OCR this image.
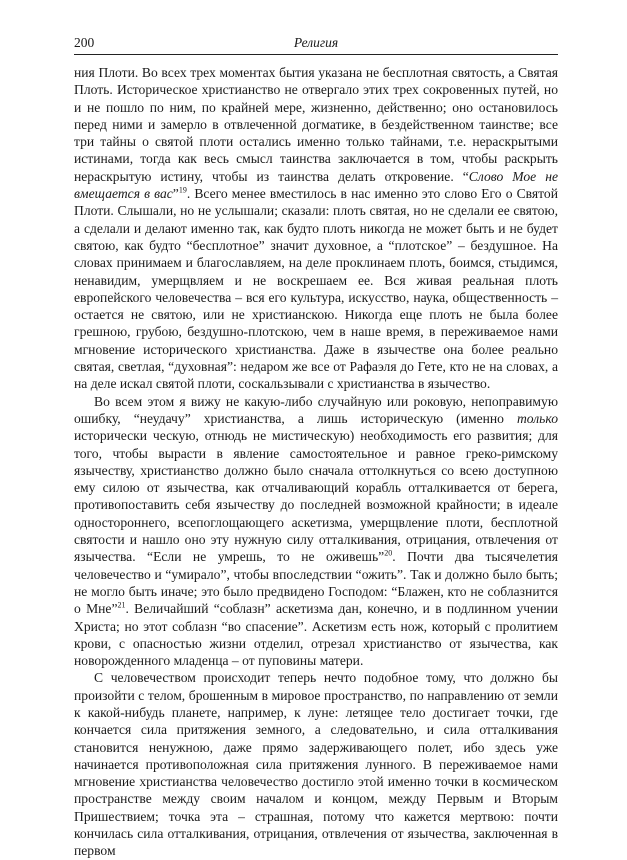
200	Религия

ния Плоти. Во всех трех моментах бытия указана не бесплотная святость, а Святая Плоть. Историческое христианство не отвергало этих трех сокровенных путей, но и не пошло по ним, по крайней мере, жизненно, действенно; оно остановилось перед ними и замерло в отвлеченной догматике, в бездейственном таинстве; все три тайны о святой плоти остались именно только тайнами, т.е. нераскрытыми истинами, тогда как весь смысл таинства заключается в том, чтобы раскрыть нераскрытую истину, чтобы из таинства делать откровение. “Слово Мое не вмещается в вас”$^{19}$. Всего менее вместилось в нас именно это слово Его о Святой Плоти. Слышали, но не услышали; сказали: плоть святая, но не сделали ее святою, а сделали и делают именно так, как будто плоть никогда не может быть и не будет святою, как будто “бесплотное” значит духовное, а “плотское” – бездушное. На словах принимаем и благославляем, на деле проклинаем плоть, боимся, стыдимся, ненавидим, умерщвляем и не воскрешаем ее. Вся живая реальная плоть европейского человечества – вся его культура, искусство, наука, общественность – остается не святою, или не христианскою. Никогда еще плоть не была более грешною, грубою, бездушно-плотскою, чем в наше время, в переживаемое нами мгновение исторического христианства. Даже в язычестве она более реально святая, светлая, “духовная”: недаром же все от Рафаэля до Гете, кто не на словах, а на деле искал святой плоти, соскальзывали с христианства в язычество.

Во всем этом я вижу не какую-либо случайную или роковую, непоправимую ошибку, “неудачу” христианства, а лишь историческую (именно только исторически ческую, отнюдь не мистическую) необходимость его развития; для того, чтобы вырасти в явление самостоятельное и равное греко-римскому язычеству, христианство должно было сначала оттолкнуться со всею доступною ему силою от язычества, как отчаливающий корабль отталкивается от берега, противопоставить себя язычеству до последней возможной крайности; в идеале одностороннего, всепоглощающего аскетизма, умерщвление плоти, бесплотной святости и нашло оно эту нужную силу отталкивания, отрицания, отвлечения от язычества. “Если не умрешь, то не оживешь”$^{20}$. Почти два тысячелетия человечество и “умирало”, чтобы впоследствии “ожить”. Так и должно было быть; не могло быть иначе; это было предвидено Господом: “Блажен, кто не соблазнится о Мне”$^{21}$. Величайший “соблазн” аскетизма дан, конечно, и в подлинном учении Христа; но этот соблазн “во спасение”. Аскетизм есть нож, который с пролитием крови, с опасностью жизни отделил, отрезал христианство от язычества, как новорожденного младенца – от пуповины матери.

С человечеством происходит теперь нечто подобное тому, что должно бы произойти с телом, брошенным в мировое пространство, по направлению от земли к какой-нибудь планете, например, к луне: летящее тело достигает точки, где кончается сила притяжения земного, а следовательно, и сила отталкивания становится ненужною, даже прямо задерживающего полет, ибо здесь уже начинается противоположная сила притяжения лунного. В переживаемое нами мгновение христианства человечество достигло этой именно точки в космическом пространстве между своим началом и концом, между Первым и Вторым Пришествием; точка эта – страшная, потому что кажется мертвою: почти кончилась сила отталкивания, отрицания, отвлечения от язычества, заключенная в первом
